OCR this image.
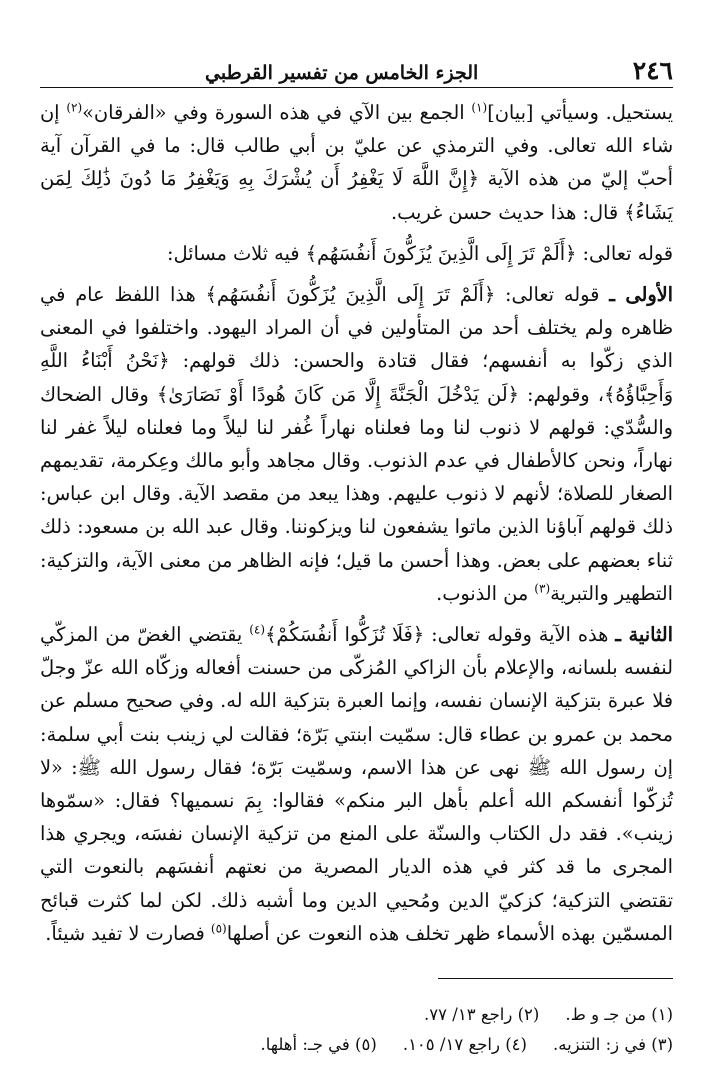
٢٤٦
الجزء الخامس من تفسير القرطبي

يستحيل. وسيأتي [بيان]$^{(١)}$ الجمع بين الآي في هذه السورة وفي «الفرقان»$^{(٢)}$ إن شاء الله تعالى. وفي الترمذي عن عليّ بن أبي طالب قال: ما في القرآن آية أحبّ إليّ من هذه الآية ﴿إِنَّ اللَّهَ لَا يَغْفِرُ أَن يُشْرَكَ بِهِ وَيَغْفِرُ مَا دُونَ ذَٰلِكَ لِمَن يَشَاءُ﴾ قال: هذا حديث حسن غريب.

قوله تعالى: ﴿أَلَمْ تَرَ إِلَى الَّذِينَ يُزَكُّونَ أَنفُسَهُم﴾ فيه ثلاث مسائل:

الأولى ـ قوله تعالى: ﴿أَلَمْ تَرَ إِلَى الَّذِينَ يُزَكُّونَ أَنفُسَهُم﴾ هذا اللفظ عام في ظاهره ولم يختلف أحد من المتأولين في أن المراد اليهود. واختلفوا في المعنى الذي زكّوا به أنفسهم؛ فقال قتادة والحسن: ذلك قولهم: ﴿نَحْنُ أَبْنَاءُ اللَّهِ وَأَحِبَّاؤُهُ﴾، وقولهم: ﴿لَن يَدْخُلَ الْجَنَّةَ إِلَّا مَن كَانَ هُودًا أَوْ نَصَارَىٰ﴾ وقال الضحاك والسُّدّي: قولهم لا ذنوب لنا وما فعلناه نهاراً غُفر لنا ليلاً وما فعلناه ليلاً غفر لنا نهاراً، ونحن كالأطفال في عدم الذنوب. وقال مجاهد وأبو مالك وعِكرمة، تقديمهم الصغار للصلاة؛ لأنهم لا ذنوب عليهم. وهذا يبعد من مقصد الآية. وقال ابن عباس: ذلك قولهم آباؤنا الذين ماتوا يشفعون لنا ويزكوننا. وقال عبد الله بن مسعود: ذلك ثناء بعضهم على بعض. وهذا أحسن ما قيل؛ فإنه الظاهر من معنى الآية، والتزكية: التطهير والتبرية$^{(٣)}$ من الذنوب.

الثانية ـ هذه الآية وقوله تعالى: ﴿فَلَا تُزَكُّوا أَنفُسَكُمْ﴾$^{(٤)}$ يقتضي الغضّ من المزكّي لنفسه بلسانه، والإعلام بأن الزاكي المُزكّى من حسنت أفعاله وزكّاه الله عزّ وجلّ فلا عبرة بتزكية الإنسان نفسه، وإنما العبرة بتزكية الله له. وفي صحيح مسلم عن محمد بن عمرو بن عطاء قال: سمّيت ابنتي بَرّة؛ فقالت لي زينب بنت أبي سلمة: إن رسول الله ﷺ نهى عن هذا الاسم، وسمّيت بَرّة؛ فقال رسول الله ﷺ: «لا تُزكّوا أنفسكم الله أعلم بأهل البر منكم» فقالوا: بِمَ نسميها؟ فقال: «سمّوها زينب». فقد دل الكتاب والسنّة على المنع من تزكية الإنسان نفسَه، ويجري هذا المجرى ما قد كثر في هذه الديار المصرية من نعتهم أنفسَهم بالنعوت التي تقتضي التزكية؛ كزكيّ الدين ومُحيي الدين وما أشبه ذلك. لكن لما كثرت قبائح المسمّين بهذه الأسماء ظهر تخلف هذه النعوت عن أصلها$^{(٥)}$ فصارت لا تفيد شيئاً.

(١) من جـ و ط.
(٢) راجع ١٣/ ٧٧.
(٣) في ز: التنزيه.
(٤) راجع ١٧/ ١٠٥.
(٥) في جـ: أهلها.
